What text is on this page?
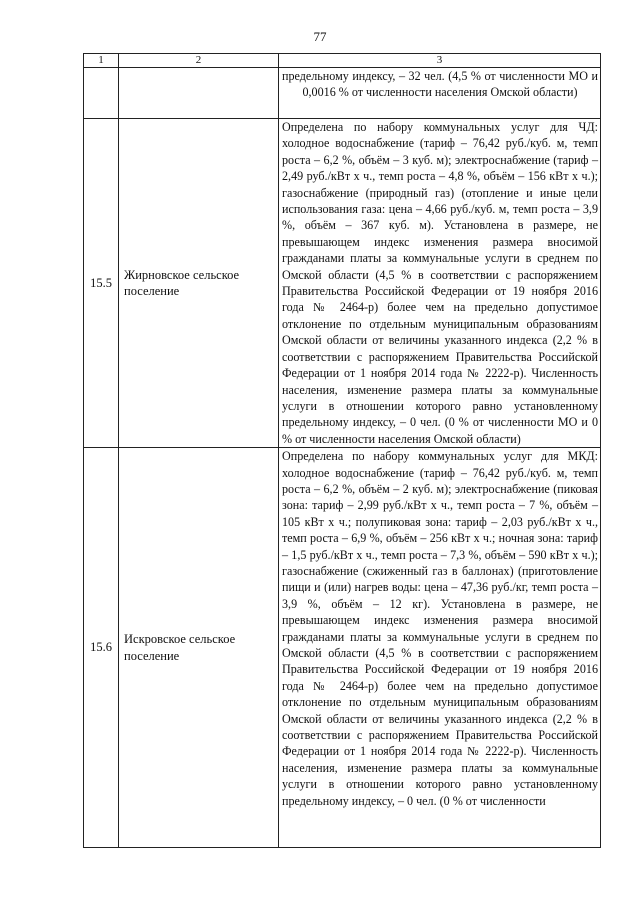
77
1	2	3

		предельному индексу, – 32 чел. (4,5 % от численности МО и 0,0016 % от численности населения Омской области)

15.5	Жирновское сельское поселение	Определена по набору коммунальных услуг для ЧД: холодное водоснабжение (тариф – 76,42 руб./куб. м, темп роста – 6,2 %, объём – 3 куб. м); электроснабжение (тариф – 2,49 руб./кВт х ч., темп роста – 4,8 %, объём – 156 кВт х ч.); газоснабжение (природный газ) (отопление и иные цели использования газа: цена – 4,66 руб./куб. м, темп роста – 3,9 %, объём – 367 куб. м). Установлена в размере, не превышающем индекс изменения размера вносимой гражданами платы за коммунальные услуги в среднем по Омской области (4,5 % в соответствии с распоряжением Правительства Российской Федерации от 19 ноября 2016 года № 2464-р) более чем на предельно допустимое отклонение по отдельным муниципальным образованиям Омской области от величины указанного индекса (2,2 % в соответствии с распоряжением Правительства Российской Федерации от 1 ноября 2014 года № 2222-р). Численность населения, изменение размера платы за коммунальные услуги в отношении которого равно установленному предельному индексу, – 0 чел. (0 % от численности МО и 0 % от численности населения Омской области)

15.6	Искровское сельское поселение	Определена по набору коммунальных услуг для МКД: холодное водоснабжение (тариф – 76,42 руб./куб. м, темп роста – 6,2 %, объём – 2 куб. м); электроснабжение (пиковая зона: тариф – 2,99 руб./кВт х ч., темп роста – 7 %, объём – 105 кВт х ч.; полупиковая зона: тариф – 2,03 руб./кВт х ч., темп роста – 6,9 %, объём – 256 кВт х ч.; ночная зона: тариф – 1,5 руб./кВт х ч., темп роста – 7,3 %, объём – 590 кВт х ч.); газоснабжение (сжиженный газ в баллонах) (приготовление пищи и (или) нагрев воды: цена – 47,36 руб./кг, темп роста – 3,9 %, объём – 12 кг). Установлена в размере, не превышающем индекс изменения размера вносимой гражданами платы за коммунальные услуги в среднем по Омской области (4,5 % в соответствии с распоряжением Правительства Российской Федерации от 19 ноября 2016 года № 2464-р) более чем на предельно допустимое отклонение по отдельным муниципальным образованиям Омской области от величины указанного индекса (2,2 % в соответствии с распоряжением Правительства Российской Федерации от 1 ноября 2014 года № 2222-р). Численность населения, изменение размера платы за коммунальные услуги в отношении которого равно установленному предельному индексу, – 0 чел. (0 % от численности
